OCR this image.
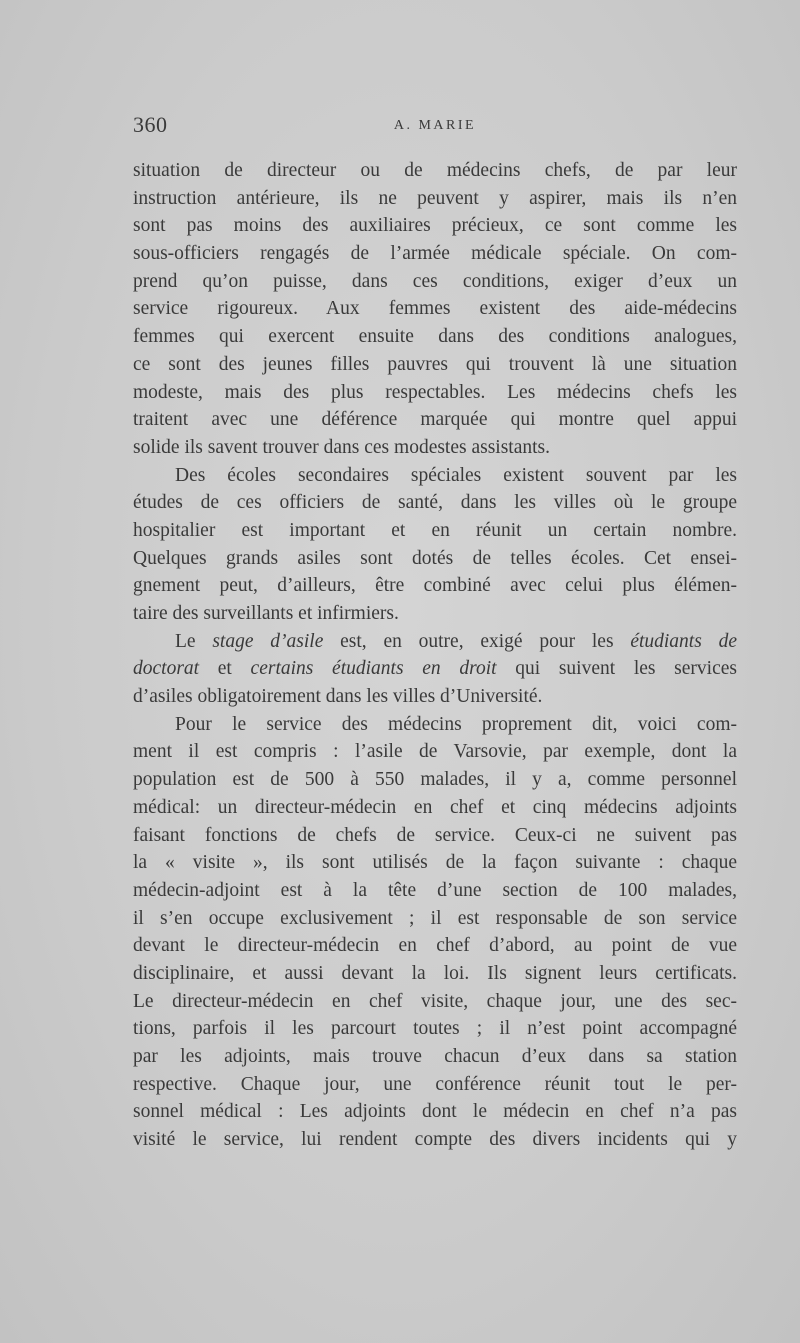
360	A. MARIE
situation de directeur ou de médecins chefs, de par leur
instruction antérieure, ils ne peuvent y aspirer, mais ils n’en
sont pas moins des auxiliaires précieux, ce sont comme les
sous-officiers rengagés de l’armée médicale spéciale. On com-
prend qu’on puisse, dans ces conditions, exiger d’eux un
service rigoureux. Aux femmes existent des aide-médecins
femmes qui exercent ensuite dans des conditions analogues,
ce sont des jeunes filles pauvres qui trouvent là une situation
modeste, mais des plus respectables. Les médecins chefs les
traitent avec une déférence marquée qui montre quel appui
solide ils savent trouver dans ces modestes assistants.
Des écoles secondaires spéciales existent souvent par les
études de ces officiers de santé, dans les villes où le groupe
hospitalier est important et en réunit un certain nombre.
Quelques grands asiles sont dotés de telles écoles. Cet ensei-
gnement peut, d’ailleurs, être combiné avec celui plus élémen-
taire des surveillants et infirmiers.
Le stage d’asile est, en outre, exigé pour les étudiants de
doctorat et certains étudiants en droit qui suivent les services
d’asiles obligatoirement dans les villes d’Université.
Pour le service des médecins proprement dit, voici com-
ment il est compris : l’asile de Varsovie, par exemple, dont la
population est de 500 à 550 malades, il y a, comme personnel
médical: un directeur-médecin en chef et cinq médecins adjoints
faisant fonctions de chefs de service. Ceux-ci ne suivent pas
la « visite », ils sont utilisés de la façon suivante : chaque
médecin-adjoint est à la tête d’une section de 100 malades,
il s’en occupe exclusivement ; il est responsable de son service
devant le directeur-médecin en chef d’abord, au point de vue
disciplinaire, et aussi devant la loi. Ils signent leurs certificats.
Le directeur-médecin en chef visite, chaque jour, une des sec-
tions, parfois il les parcourt toutes ; il n’est point accompagné
par les adjoints, mais trouve chacun d’eux dans sa station
respective. Chaque jour, une conférence réunit tout le per-
sonnel médical : Les adjoints dont le médecin en chef n’a pas
visité le service, lui rendent compte des divers incidents qui y
